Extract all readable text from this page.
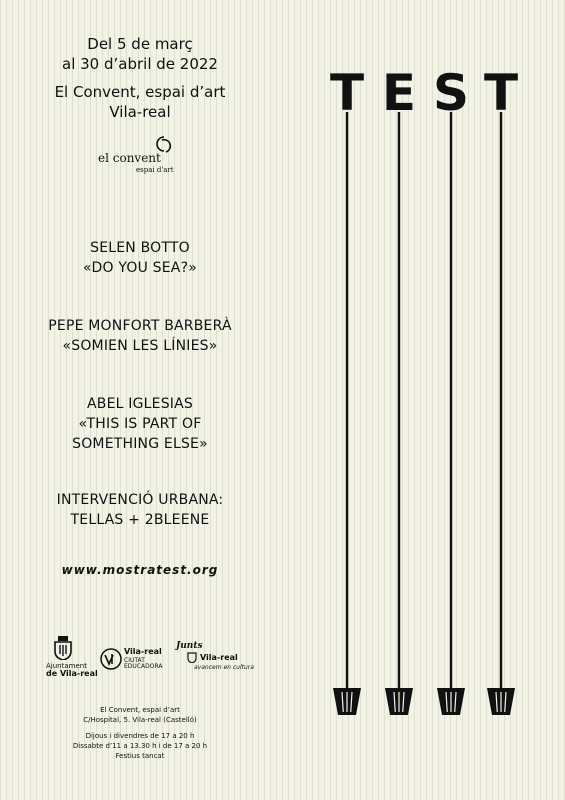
Del 5 de març
al 30 d’abril de 2022
El Convent, espai d’art
Vila-real
el convent
espai d'art
SELEN BOTTO
«DO YOU SEA?»
PEPE MONFORT BARBERÀ
«SOMIEN LES LÍNIES»
ABEL IGLESIAS
«THIS IS PART OF
SOMETHING ELSE»
INTERVENCIÓ URBANA:
TELLAS + 2BLEENE
www.mostratest.org
Ajuntament
de Vila-real
Vila-real
CIUTAT
EDUCADORA
Junts
Vila-real
avancem en cultura
El Convent, espai d’art
C/Hospital, 5. Vila-real (Castelló)
Dijous i divendres de 17 a 20 h
Dissabte d’11 a 13.30 h i de 17 a 20 h
Festius tancat
T E S T
